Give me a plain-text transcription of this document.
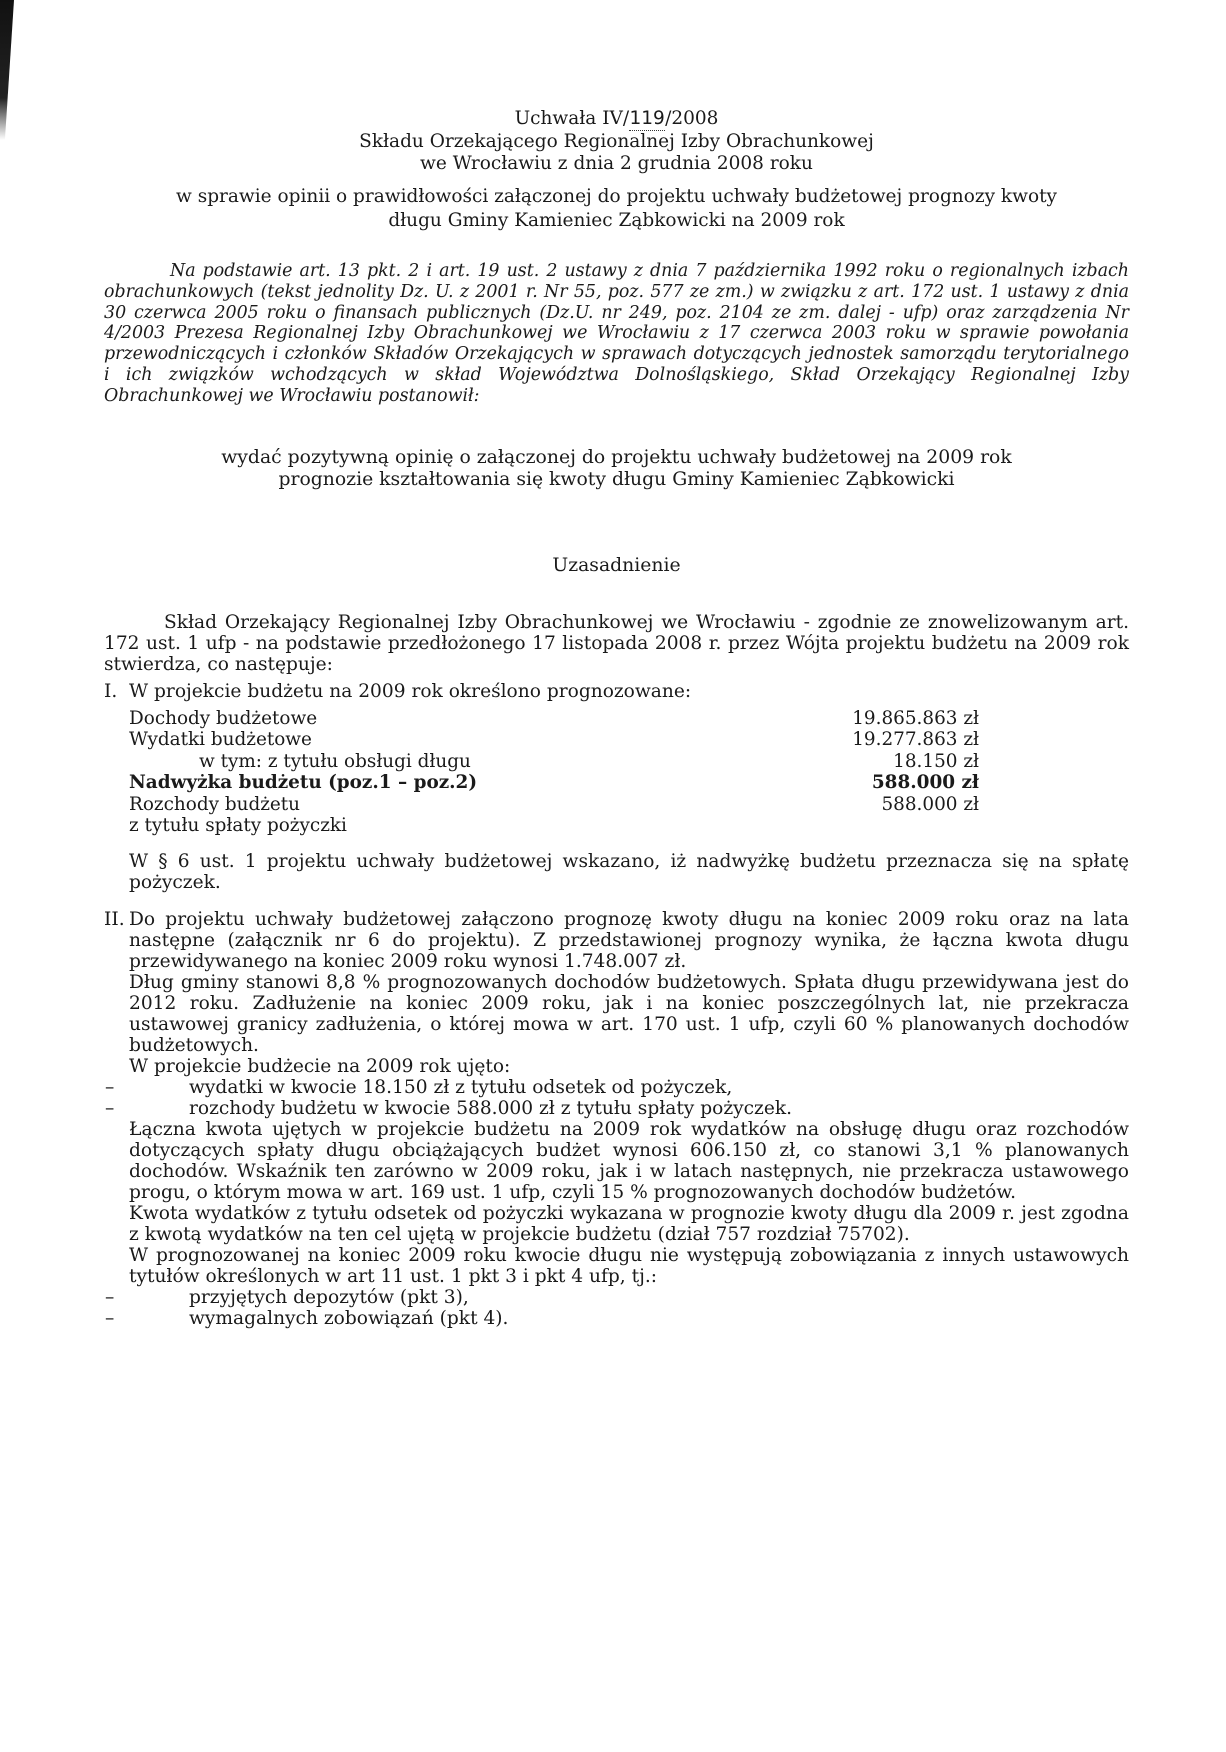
Uchwała IV/119/2008
Składu Orzekającego Regionalnej Izby Obrachunkowej
we Wrocławiu z dnia 2 grudnia 2008 roku
w sprawie opinii o prawidłowości załączonej do projektu uchwały budżetowej prognozy kwoty
długu Gminy Kamieniec Ząbkowicki na 2009 rok
Na podstawie art. 13 pkt. 2 i art. 19 ust. 2 ustawy z dnia 7 października 1992 roku o regionalnych izbach obrachunkowych (tekst jednolity Dz. U. z 2001 r. Nr 55, poz. 577 ze zm.) w związku z art. 172 ust. 1 ustawy z dnia 30 czerwca 2005 roku o finansach publicznych (Dz.U. nr 249, poz. 2104 ze zm. dalej - ufp) oraz zarządzenia Nr 4/2003 Prezesa Regionalnej Izby Obrachunkowej we Wrocławiu z 17 czerwca 2003 roku w sprawie powołania przewodniczących i członków Składów Orzekających w sprawach dotyczących jednostek samorządu terytorialnego i ich związków wchodzących w skład Województwa Dolnośląskiego, Skład Orzekający Regionalnej Izby Obrachunkowej we Wrocławiu postanowił:
wydać pozytywną opinię o załączonej do projektu uchwały budżetowej na 2009 rok
prognozie kształtowania się kwoty długu Gminy Kamieniec Ząbkowicki
Uzasadnienie
Skład Orzekający Regionalnej Izby Obrachunkowej we Wrocławiu - zgodnie ze znowelizowanym art. 172 ust. 1 ufp - na podstawie przedłożonego 17 listopada 2008 r. przez Wójta projektu budżetu na 2009 rok stwierdza, co następuje:
I. W projekcie budżetu na 2009 rok określono prognozowane:
Dochody budżetowe	19.865.863 zł
Wydatki budżetowe	19.277.863 zł
w tym: z tytułu obsługi długu	18.150 zł
Nadwyżka budżetu (poz.1 – poz.2)	588.000 zł
Rozchody budżetu	588.000 zł
z tytułu spłaty pożyczki
W § 6 ust. 1 projektu uchwały budżetowej wskazano, iż nadwyżkę budżetu przeznacza się na spłatę pożyczek.
II. Do projektu uchwały budżetowej załączono prognozę kwoty długu na koniec 2009 roku oraz na lata następne (załącznik nr 6 do projektu). Z przedstawionej prognozy wynika, że łączna kwota długu przewidywanego na koniec 2009 roku wynosi 1.748.007 zł.
Dług gminy stanowi 8,8 % prognozowanych dochodów budżetowych. Spłata długu przewidywana jest do 2012 roku. Zadłużenie na koniec 2009 roku, jak i na koniec poszczególnych lat, nie przekracza ustawowej granicy zadłużenia, o której mowa w art. 170 ust. 1 ufp, czyli 60 % planowanych dochodów budżetowych.
W projekcie budżecie na 2009 rok ujęto:
–	wydatki w kwocie 18.150 zł z tytułu odsetek od pożyczek,
–	rozchody budżetu w kwocie 588.000 zł z tytułu spłaty pożyczek.
Łączna kwota ujętych w projekcie budżetu na 2009 rok wydatków na obsługę długu oraz rozchodów dotyczących spłaty długu obciążających budżet wynosi 606.150 zł, co stanowi 3,1 % planowanych dochodów. Wskaźnik ten zarówno w 2009 roku, jak i w latach następnych, nie przekracza ustawowego progu, o którym mowa w art. 169 ust. 1 ufp, czyli 15 % prognozowanych dochodów budżetów.
Kwota wydatków z tytułu odsetek od pożyczki wykazana w prognozie kwoty długu dla 2009 r. jest zgodna z kwotą wydatków na ten cel ujętą w projekcie budżetu (dział 757 rozdział 75702).
W prognozowanej na koniec 2009 roku kwocie długu nie występują zobowiązania z innych ustawowych tytułów określonych w art 11 ust. 1 pkt 3 i pkt 4 ufp, tj.:
–	przyjętych depozytów (pkt 3),
–	wymagalnych zobowiązań (pkt 4).
